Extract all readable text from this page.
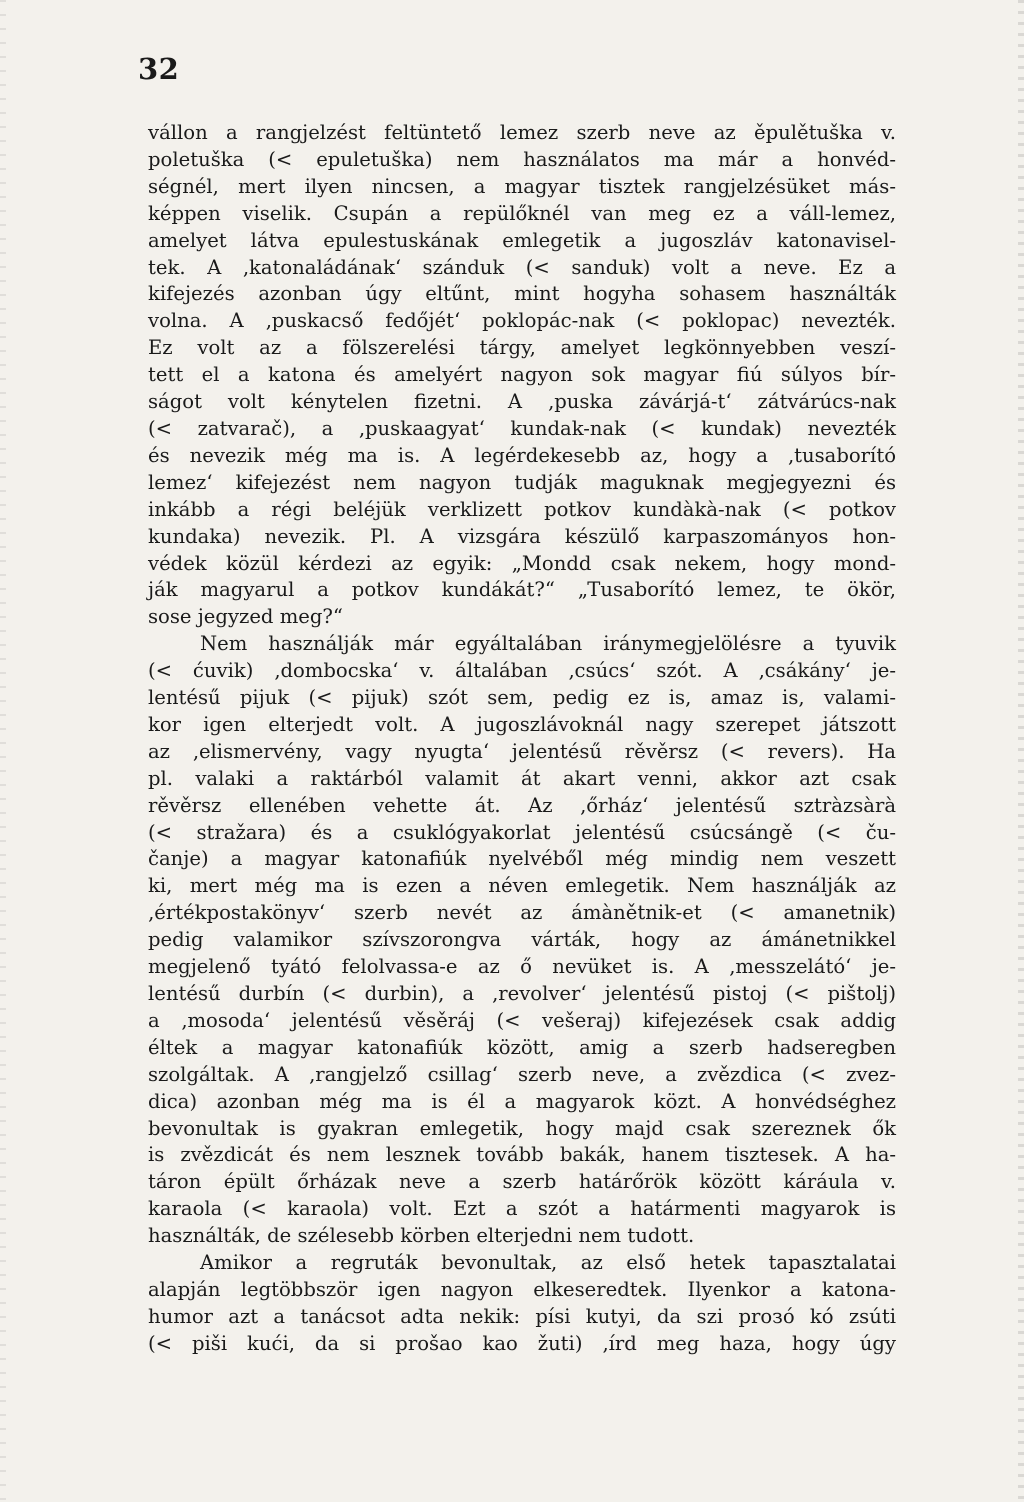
32
vállon a rangjelzést feltüntető lemez szerb neve az ěpulětuška v.
poletuška (< epuletuška) nem használatos ma már a honvéd-
ségnél, mert ilyen nincsen, a magyar tisztek rangjelzésüket más-
képpen viselik. Csupán a repülőknél van meg ez a váll-lemez,
amelyet látva epulestuskának emlegetik a jugoszláv katonavisel-
tek. A ‚katonaládának‘ szánduk (< sanduk) volt a neve. Ez a
kifejezés azonban úgy eltűnt, mint hogyha sohasem használták
volna. A ‚puskacső fedőjét‘ poklopác-nak (< poklopac) nevezték.
Ez volt az a fölszerelési tárgy, amelyet legkönnyebben veszí-
tett el a katona és amelyért nagyon sok magyar fiú súlyos bír-
ságot volt kénytelen fizetni. A ‚puska závárjá-t‘ zátvárúcs-nak
(< zatvarač), a ‚puskaagyat‘ kundak-nak (< kundak) nevezték
és nevezik még ma is. A legérdekesebb az, hogy a ‚tusaborító
lemez‘ kifejezést nem nagyon tudják maguknak megjegyezni és
inkább a régi beléjük verklizett potkov kundàkà-nak (< potkov
kundaka) nevezik. Pl. A vizsgára készülő karpaszományos hon-
védek közül kérdezi az egyik: „Mondd csak nekem, hogy mond-
ják magyarul a potkov kundákát?“ „Tusaborító lemez, te ökör,
sose jegyzed meg?“
Nem használják már egyáltalában iránymegjelölésre a tyuvik
(< ćuvik) ‚dombocska‘ v. általában ‚csúcs‘ szót. A ‚csákány‘ je-
lentésű pijuk (< pijuk) szót sem, pedig ez is, amaz is, valami-
kor igen elterjedt volt. A jugoszlávoknál nagy szerepet játszott
az ‚elismervény, vagy nyugta‘ jelentésű rěvěrsz (< revers). Ha
pl. valaki a raktárból valamit át akart venni, akkor azt csak
rěvěrsz ellenében vehette át. Az ‚őrház‘ jelentésű sztràzsàrà
(< stražara) és a csuklógyakorlat jelentésű csúcsángě (< ču-
čanje) a magyar katonafiúk nyelvéből még mindig nem veszett
ki, mert még ma is ezen a néven emlegetik. Nem használják az
‚értékpostakönyv‘ szerb nevét az ámànětnik-et (< amanetnik)
pedig valamikor szívszorongva várták, hogy az ámánetnikkel
megjelenő tyátó felolvassa-e az ő nevüket is. A ‚messzelátó‘ je-
lentésű durbín (< durbin), a ‚revolver‘ jelentésű pistoj (< pištolj)
a ‚mosoda‘ jelentésű věsěráj (< vešeraj) kifejezések csak addig
éltek a magyar katonafiúk között, amig a szerb hadseregben
szolgáltak. A ‚rangjelző csillag‘ szerb neve, a zvězdica (< zvez-
dica) azonban még ma is él a magyarok közt. A honvédséghez
bevonultak is gyakran emlegetik, hogy majd csak szereznek ők
is zvězdicát és nem lesznek tovább bakák, hanem tisztesek. A ha-
táron épült őrházak neve a szerb határőrök között káráula v.
karaola (< karaola) volt. Ezt a szót a határmenti magyarok is
használták, de szélesebb körben elterjedni nem tudott.
Amikor a regruták bevonultak, az első hetek tapasztalatai
alapján legtöbbször igen nagyon elkeseredtek. Ilyenkor a katona-
humor azt a tanácsot adta nekik: písi kutyi, da szi proзó kó zsúti
(< piši kući, da si prošao kao žuti) ‚írd meg haza, hogy úgy
